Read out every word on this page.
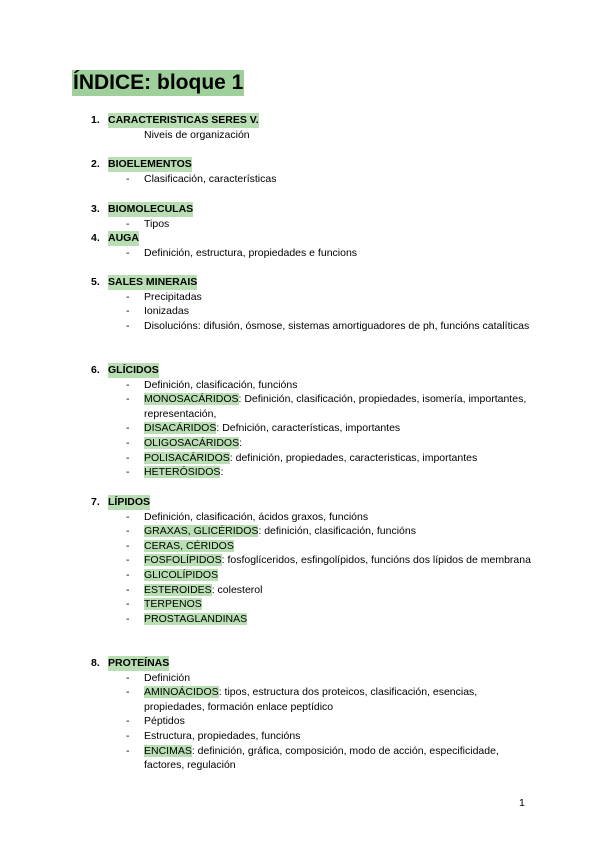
ÍNDICE: bloque 1
1. CARACTERISTICAS SERES V.
Niveis de organización
2. BIOELEMENTOS
- Clasificación, características
3. BIOMOLECULAS
- Tipos
4. AUGA
- Definición, estructura, propiedades e funcions
5. SALES MINERAIS
- Precipitadas
- Ionizadas
- Disolucións: difusión, ósmose, sistemas amortiguadores de ph, funcións catalíticas
6. GLÍCIDOS
- Definición, clasificación, funcións
- MONOSACÁRIDOS: Definición, clasificación, propiedades, isomería, importantes, representación,
- DISACÁRIDOS: Defnición, características, importantes
- OLIGOSACÁRIDOS:
- POLISACÁRIDOS: definición, propiedades, caracteristicas, importantes
- HETERÓSIDOS:
7. LÍPIDOS
- Definición, clasificación, ácidos graxos, funcións
- GRAXAS, GLICÉRIDOS: definición, clasificación, funcións
- CERAS, CÉRIDOS
- FOSFOLÍPIDOS: fosfoglíceridos, esfingolípidos, funcións dos lípidos de membrana
- GLICOLÍPIDOS
- ESTEROIDES: colesterol
- TERPENOS
- PROSTAGLANDINAS
8. PROTEÍNAS
- Definición
- AMINOÁCIDOS: tipos, estructura dos proteicos, clasificación, esencias, propiedades, formación enlace peptídico
- Péptidos
- Estructura, propiedades, funcións
- ENCIMAS: definición, gráfica, composición, modo de acción, especificidade, factores, regulación
1
